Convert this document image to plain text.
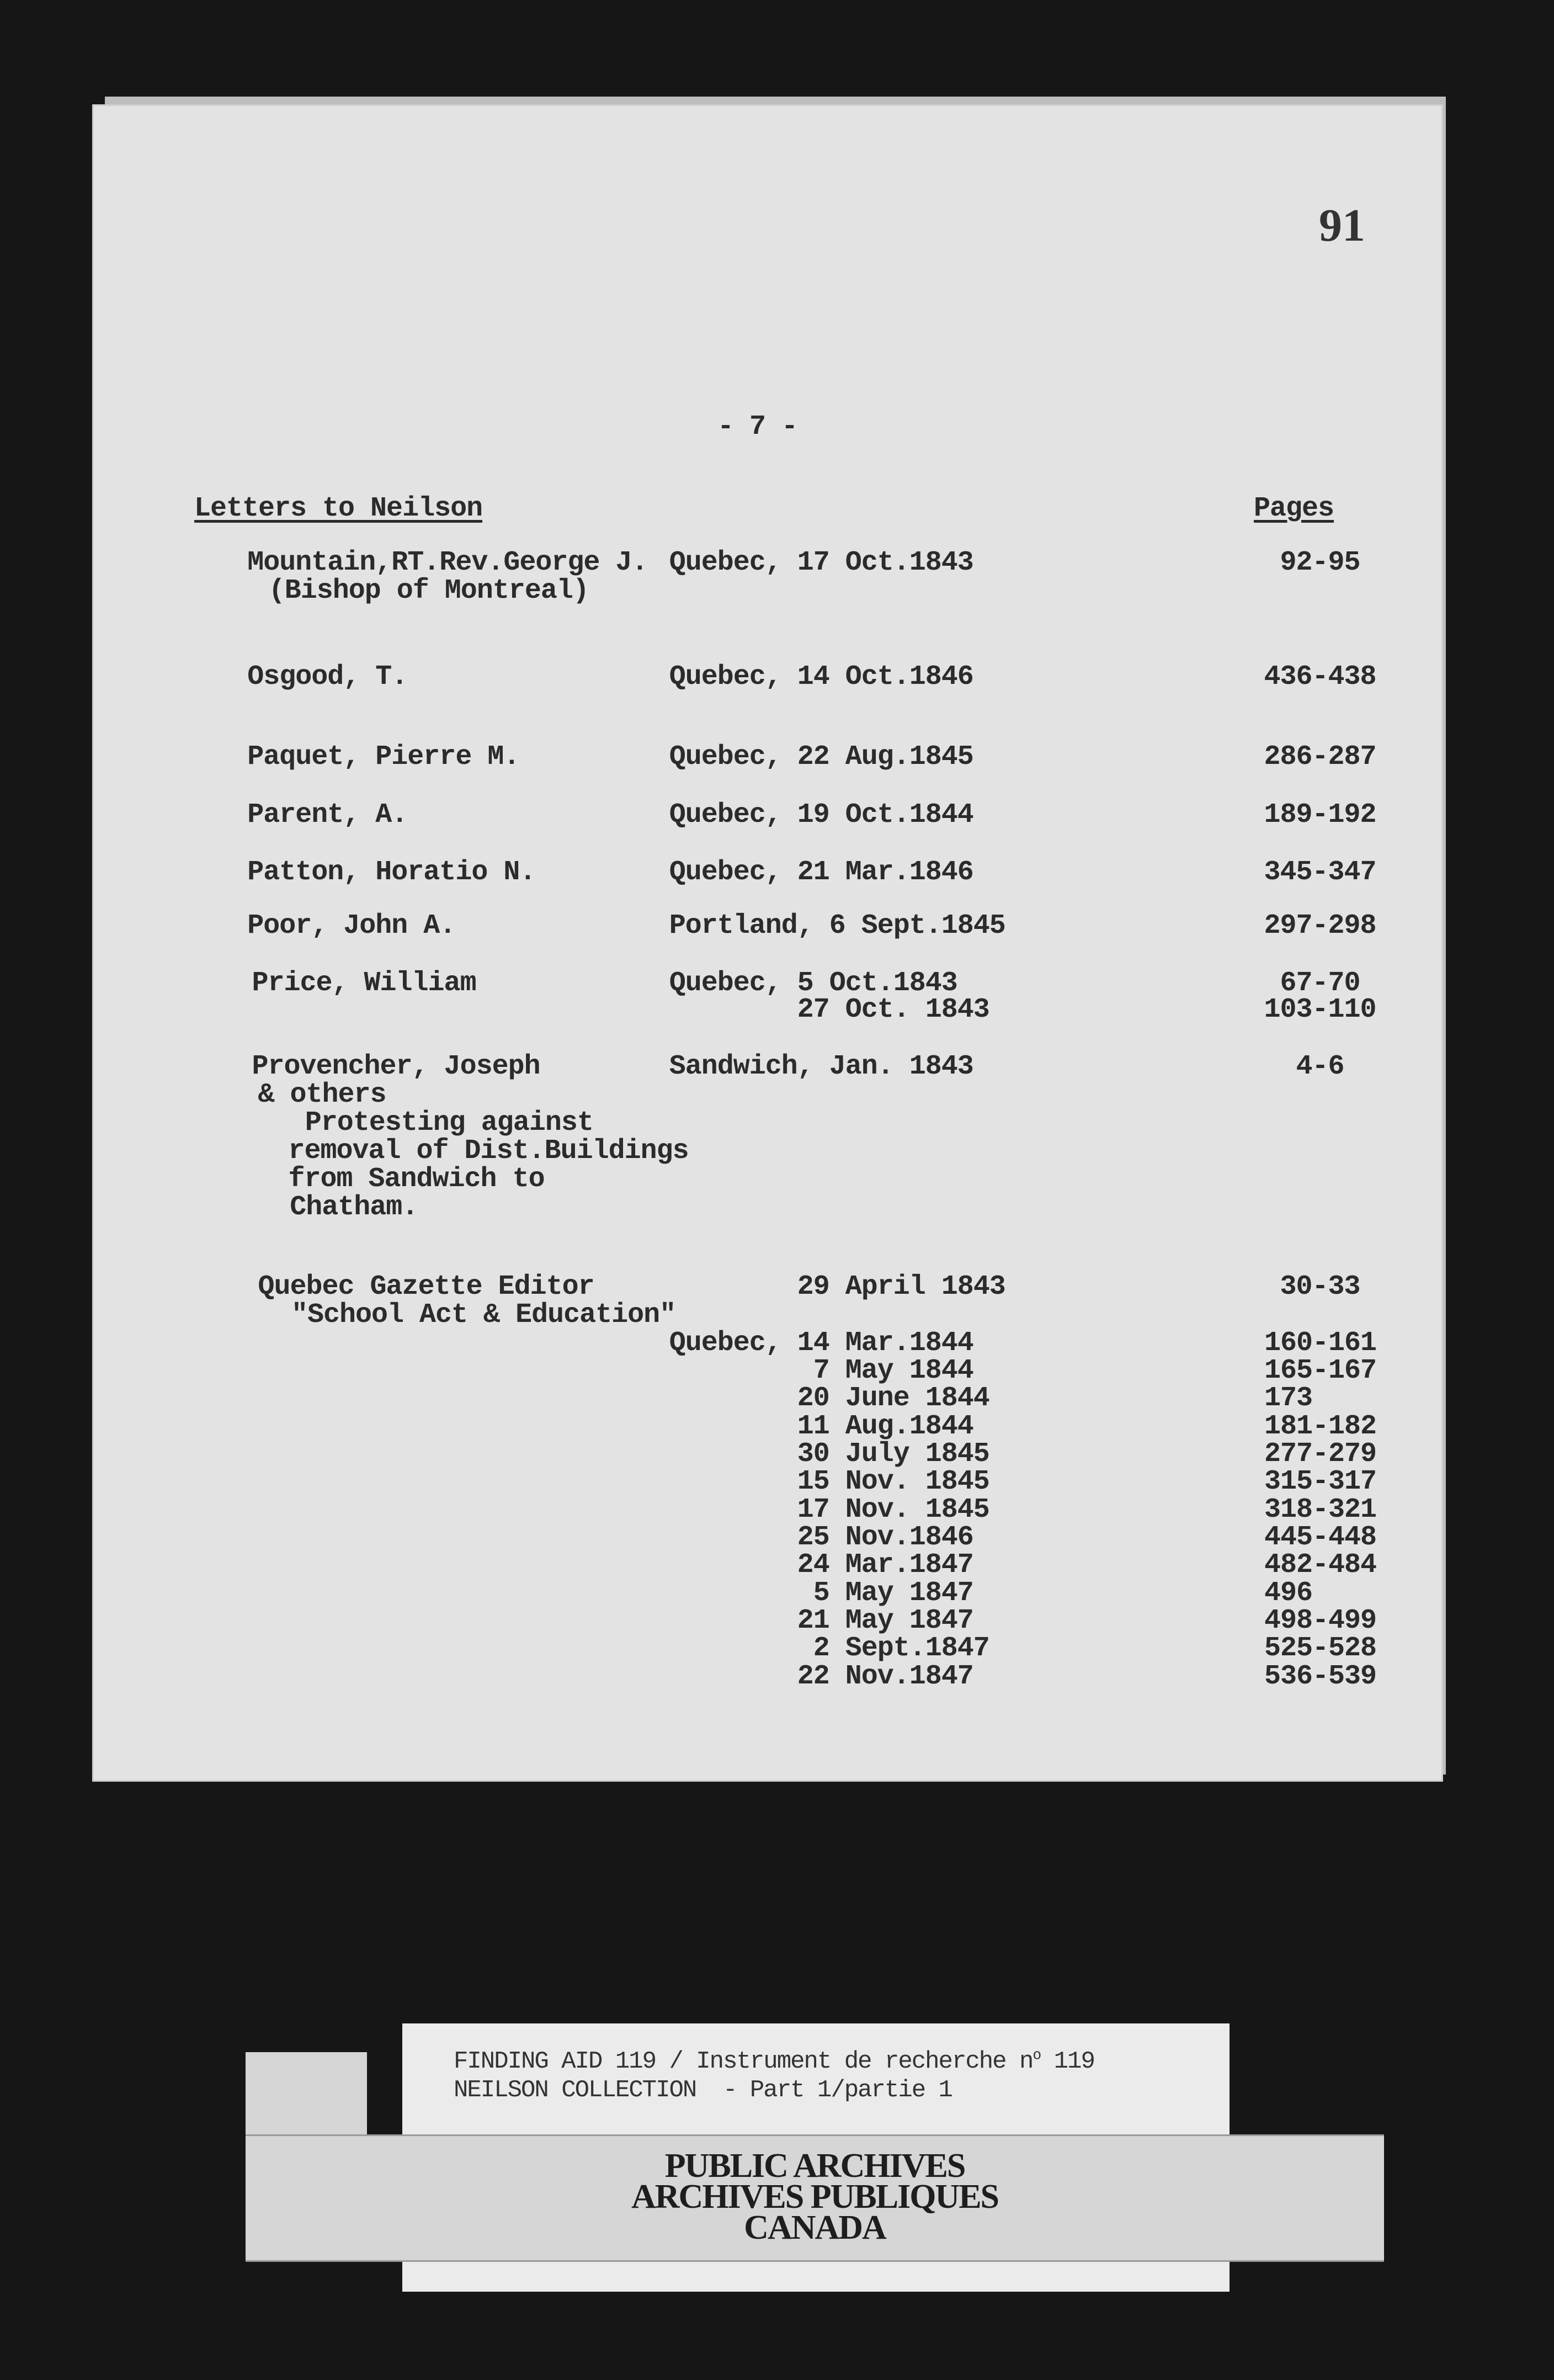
91
- 7 -
Letters to Neilson	Pages
Mountain,RT.Rev.George J.
(Bishop of Montreal)
Quebec, 17 Oct.1843	92-95
Osgood, T.	Quebec, 14 Oct.1846	436-438
Paquet, Pierre M.	Quebec, 22 Aug.1845	286-287
Parent, A.	Quebec, 19 Oct.1844	189-192
Patton, Horatio N.	Quebec, 21 Mar.1846	345-347
Poor, John A.	Portland, 6 Sept.1845	297-298
Price, William	Quebec, 5 Oct.1843	67-70
27 Oct. 1843	103-110
Provencher, Joseph
& others
Protesting against
removal of Dist.Buildings
from Sandwich to
Chatham.
Sandwich, Jan. 1843	4-6
Quebec Gazette Editor
"School Act & Education"
29 April 1843	30-33
Quebec, 14 Mar.1844	160-161
7 May 1844	165-167
20 June 1844	173
11 Aug.1844	181-182
30 July 1845	277-279
15 Nov. 1845	315-317
17 Nov. 1845	318-321
25 Nov.1846	445-448
24 Mar.1847	482-484
5 May 1847	496
21 May 1847	498-499
2 Sept.1847	525-528
22 Nov.1847	536-539
FINDING AID 119 / Instrument de recherche $n^o$ 119
NEILSON COLLECTION  - Part 1/partie 1
PUBLIC ARCHIVES
ARCHIVES PUBLIQUES
CANADA
